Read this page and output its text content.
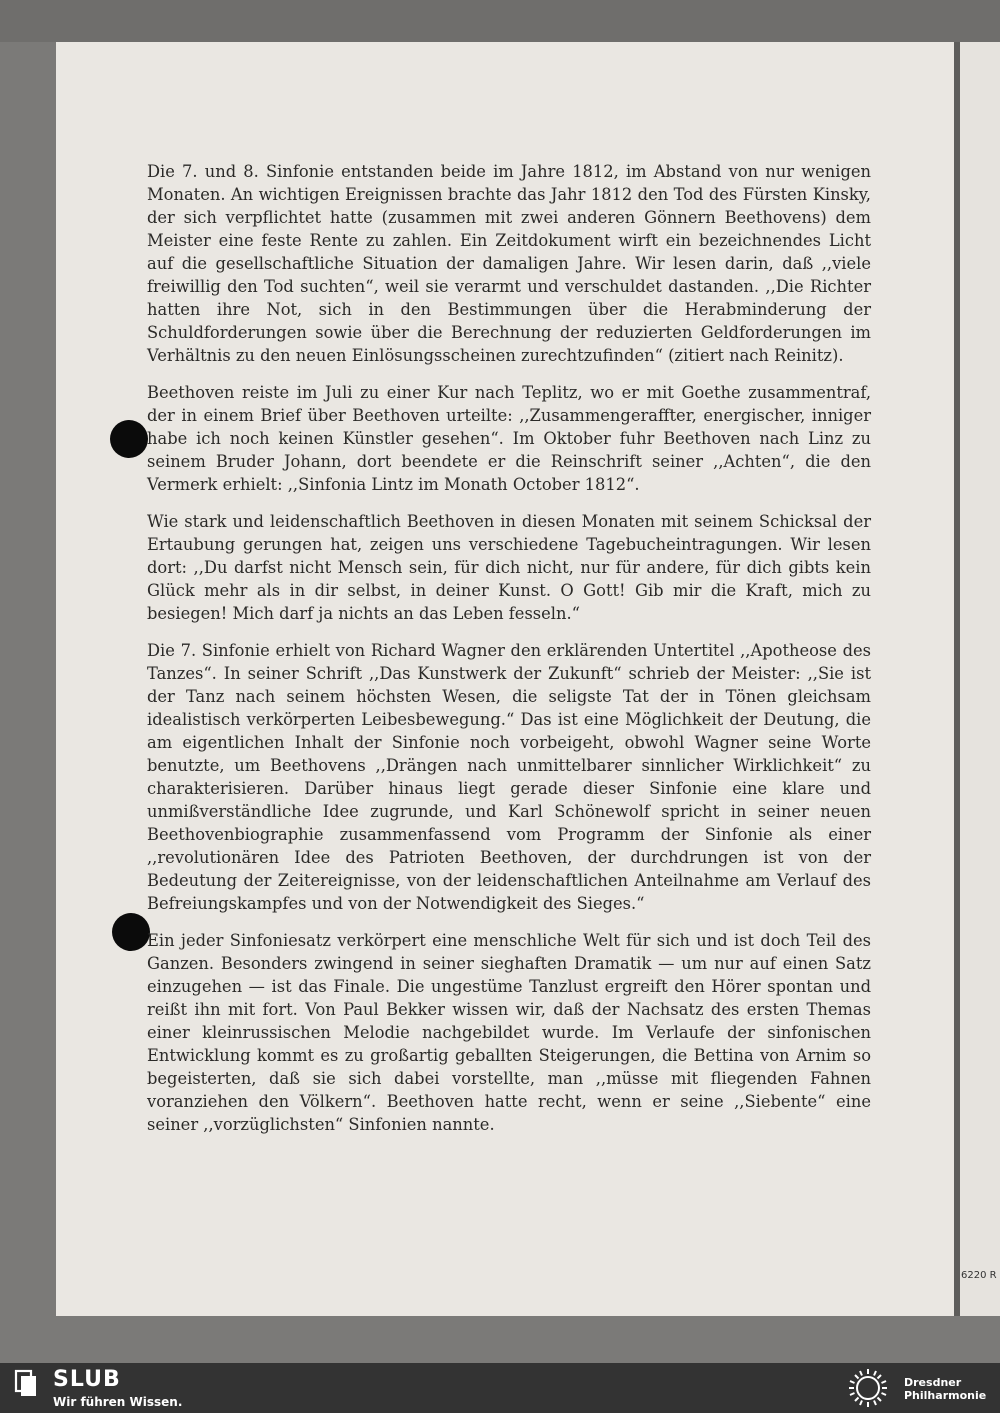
Die 7. und 8. Sinfonie entstanden beide im Jahre 1812, im Abstand von nur wenigen Monaten. An wichtigen Ereignissen brachte das Jahr 1812 den Tod des Fürsten Kinsky, der sich verpflichtet hatte (zusammen mit zwei anderen Gönnern Beethovens) dem Meister eine feste Rente zu zahlen. Ein Zeitdokument wirft ein bezeichnendes Licht auf die gesellschaftliche Situation der damaligen Jahre. Wir lesen darin, daß ,,viele freiwillig den Tod suchten“, weil sie verarmt und verschuldet dastanden. ,,Die Richter hatten ihre Not, sich in den Bestimmungen über die Herabminderung der Schuldforderungen sowie über die Berechnung der reduzierten Geldforderungen im Verhältnis zu den neuen Einlösungsscheinen zurechtzufinden“ (zitiert nach Reinitz).

Beethoven reiste im Juli zu einer Kur nach Teplitz, wo er mit Goethe zusammentraf, der in einem Brief über Beethoven urteilte: ,,Zusammengeraffter, energischer, inniger habe ich noch keinen Künstler gesehen“. Im Oktober fuhr Beethoven nach Linz zu seinem Bruder Johann, dort beendete er die Reinschrift seiner ,,Achten“, die den Vermerk erhielt: ,,Sinfonia Lintz im Monath October 1812“.

Wie stark und leidenschaftlich Beethoven in diesen Monaten mit seinem Schicksal der Ertaubung gerungen hat, zeigen uns verschiedene Tagebucheintragungen. Wir lesen dort: ,,Du darfst nicht Mensch sein, für dich nicht, nur für andere, für dich gibts kein Glück mehr als in dir selbst, in deiner Kunst. O Gott! Gib mir die Kraft, mich zu besiegen! Mich darf ja nichts an das Leben fesseln.“

Die 7. Sinfonie erhielt von Richard Wagner den erklärenden Untertitel ,,Apotheose des Tanzes“. In seiner Schrift ,,Das Kunstwerk der Zukunft“ schrieb der Meister: ,,Sie ist der Tanz nach seinem höchsten Wesen, die seligste Tat der in Tönen gleichsam idealistisch verkörperten Leibesbewegung.“ Das ist eine Möglichkeit der Deutung, die am eigentlichen Inhalt der Sinfonie noch vorbeigeht, obwohl Wagner seine Worte benutzte, um Beethovens ,,Drängen nach unmittelbarer sinnlicher Wirklichkeit“ zu charakterisieren. Darüber hinaus liegt gerade dieser Sinfonie eine klare und unmißverständliche Idee zugrunde, und Karl Schönewolf spricht in seiner neuen Beethovenbiographie zusammenfassend vom Programm der Sinfonie als einer ,,revolutionären Idee des Patrioten Beethoven, der durchdrungen ist von der Bedeutung der Zeitereignisse, von der leidenschaftlichen Anteilnahme am Verlauf des Befreiungskampfes und von der Notwendigkeit des Sieges.“

Ein jeder Sinfoniesatz verkörpert eine menschliche Welt für sich und ist doch Teil des Ganzen. Besonders zwingend in seiner sieghaften Dramatik — um nur auf einen Satz einzugehen — ist das Finale. Die ungestüme Tanzlust ergreift den Hörer spontan und reißt ihn mit fort. Von Paul Bekker wissen wir, daß der Nachsatz des ersten Themas einer kleinrussischen Melodie nachgebildet wurde. Im Verlaufe der sinfonischen Entwicklung kommt es zu großartig geballten Steigerungen, die Bettina von Arnim so begeisterten, daß sie sich dabei vorstellte, man ,,müsse mit fliegenden Fahnen voranziehen den Völkern“. Beethoven hatte recht, wenn er seine ,,Siebente“ eine seiner ,,vorzüglichsten“ Sinfonien nannte.

6220 R
SLUB
Wir führen Wissen.
Dresdner
Philharmonie
